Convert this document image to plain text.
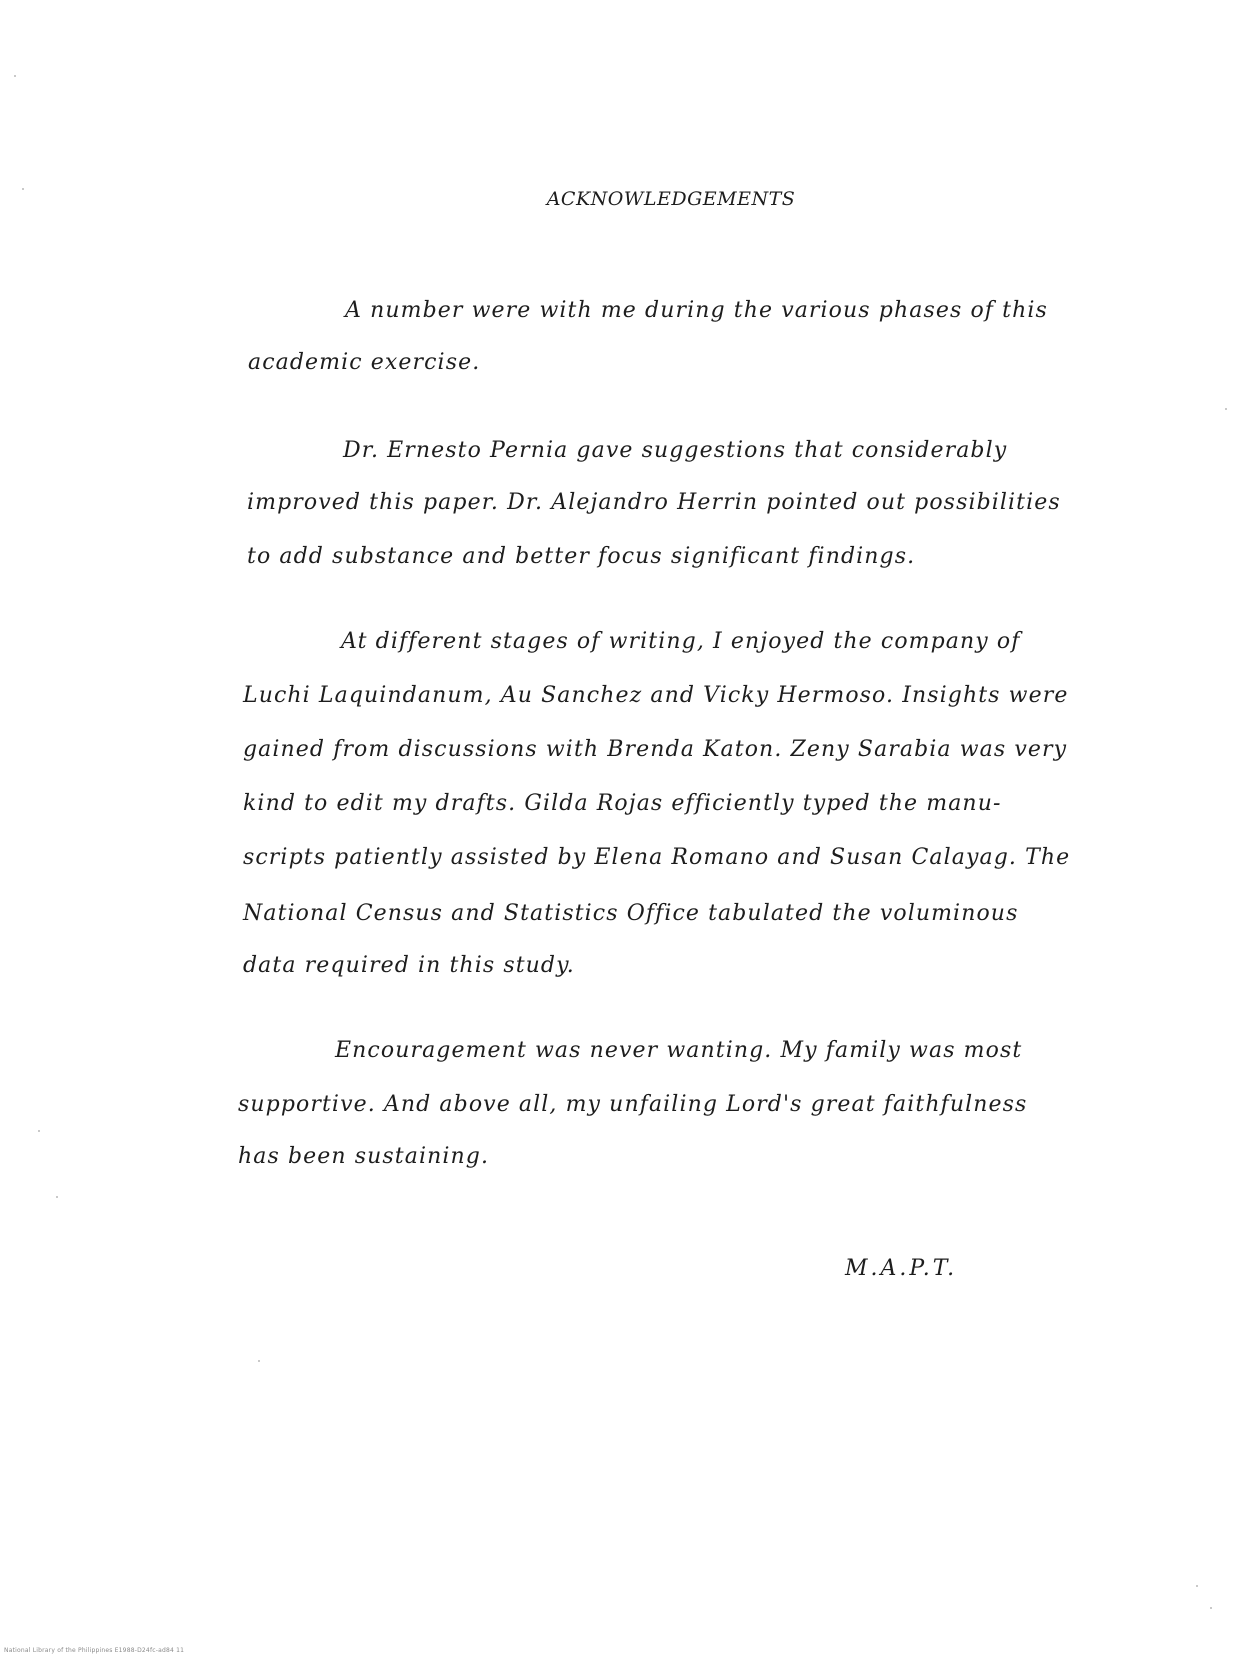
ACKNOWLEDGEMENTS
A number were with me during the various phases of this
academic exercise.
Dr. Ernesto Pernia gave suggestions that considerably
improved this paper. Dr. Alejandro Herrin pointed out possibilities
to add substance and better focus significant findings.
At different stages of writing, I enjoyed the company of
Luchi Laquindanum, Au Sanchez and Vicky Hermoso. Insights were
gained from discussions with Brenda Katon. Zeny Sarabia was very
kind to edit my drafts. Gilda Rojas efficiently typed the manu-
scripts patiently assisted by Elena Romano and Susan Calayag. The
National Census and Statistics Office tabulated the voluminous
data required in this study.
Encouragement was never wanting. My family was most
supportive. And above all, my unfailing Lord's great faithfulness
has been sustaining.
M.A.P.T.
National Library of the Philippines E1988-D24fc-ad84 11
